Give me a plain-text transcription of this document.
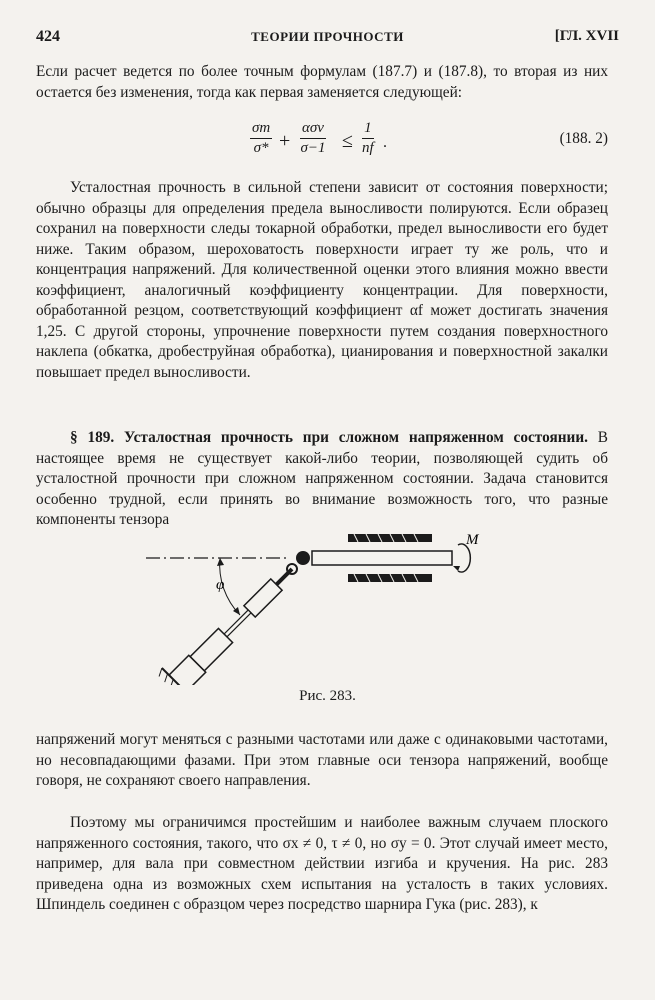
424	ТЕОРИИ ПРОЧНОСТИ	[ГЛ. XVII
Если расчет ведется по более точным формулам (187.7) и (187.8), то вторая из них остается без изменения, тогда как первая заменяется следующей:
$\frac{\sigma m}{\sigma*}$ +
ασv
$\sigma-1 \le \frac{1}{nf}$ .	(188. 2)
Усталостная прочность в сильной степени зависит от состояния поверхности; обычно образцы для определения предела выносливости полируются. Если образец сохранил на поверхности следы токарной обработки, предел выносливости его будет ниже. Таким образом, шероховатость поверхности играет ту же роль, что и концентрация напряжений. Для количественной оценки этого влияния можно ввести коэффициент, аналогичный коэффициенту концентрации. Для поверхности, обработанной резцом, соответствующий коэффициент αf может достигать значения 1,25. С другой стороны, упрочнение поверхности путем создания поверхностного наклепа (обкатка, дробеструйная обработка), цианирования и поверхностной закалки повышает предел выносливости.
§ 189. Усталостная прочность при сложном напряженном состоянии. В настоящее время не существует какой-либо теории, позволяющей судить об усталостной прочности при сложном напряженном состоянии. Задача становится особенно трудной, если принять во внимание возможность того, что разные компоненты тензора
M
φ
Рис. 283.
напряжений могут меняться с разными частотами или даже с одинаковыми частотами, но несовпадающими фазами. При этом главные оси тензора напряжений, вообще говоря, не сохраняют своего направления.
Поэтому мы ограничимся простейшим и наиболее важным случаем плоского напряженного состояния, такого, что σx ≠ 0, τ ≠ 0, но σy = 0. Этот случай имеет место, например, для вала при совместном действии изгиба и кручения. На рис. 283 приведена одна из возможных схем испытания на усталость в таких условиях. Шпиндель соединен с образцом через посредство шарнира Гука (рис. 283), к
